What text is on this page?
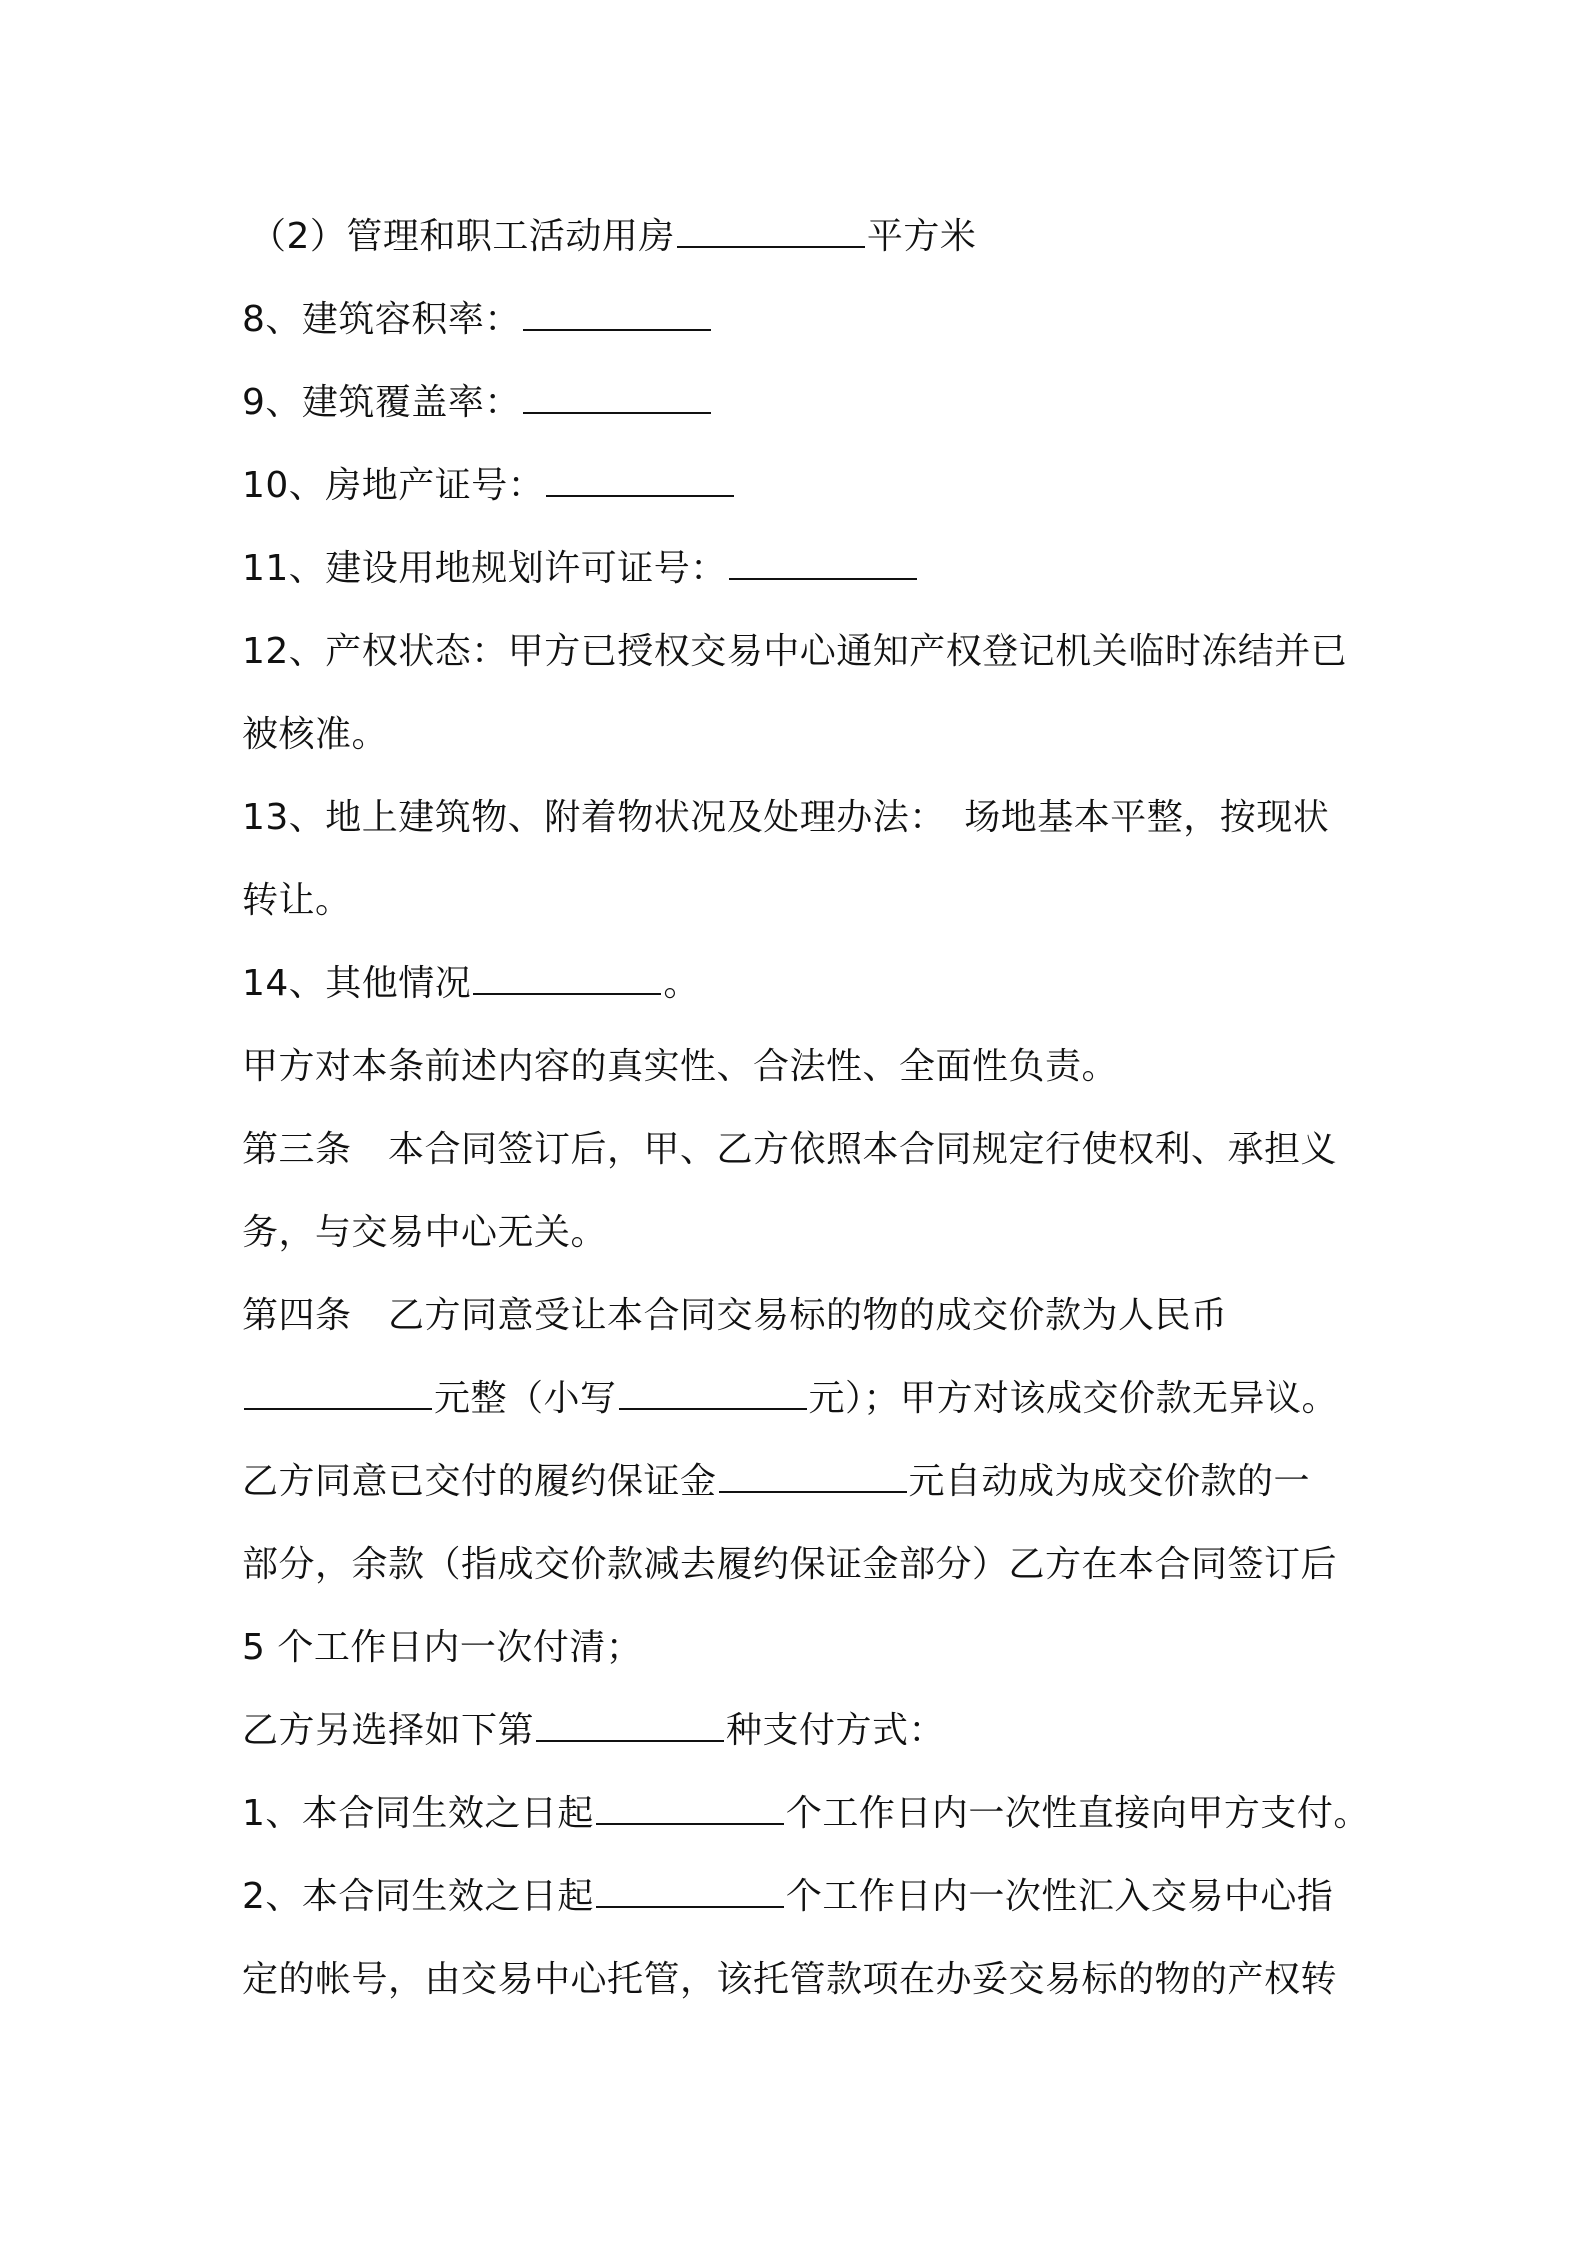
（2）管理和职工活动用房	平方米
8、建筑容积率：
9、建筑覆盖率：
10、房地产证号：
11、建设用地规划许可证号：
12、产权状态：甲方已授权交易中心通知产权登记机关临时冻结并已
被核准。
13、地上建筑物、附着物状况及处理办法：　场地基本平整，按现状
转让。
14、其他情况	。
甲方对本条前述内容的真实性、合法性、全面性负责。
第三条　本合同签订后，甲、乙方依照本合同规定行使权利、承担义
务，与交易中心无关。
第四条　乙方同意受让本合同交易标的物的成交价款为人民币
元整（小写	元）；甲方对该成交价款无异议。
乙方同意已交付的履约保证金	元自动成为成交价款的一
部分，余款（指成交价款减去履约保证金部分）乙方在本合同签订后
5 个工作日内一次付清；
乙方另选择如下第	种支付方式：
1、本合同生效之日起	个工作日内一次性直接向甲方支付。
2、本合同生效之日起	个工作日内一次性汇入交易中心指
定的帐号，由交易中心托管，该托管款项在办妥交易标的物的产权转
